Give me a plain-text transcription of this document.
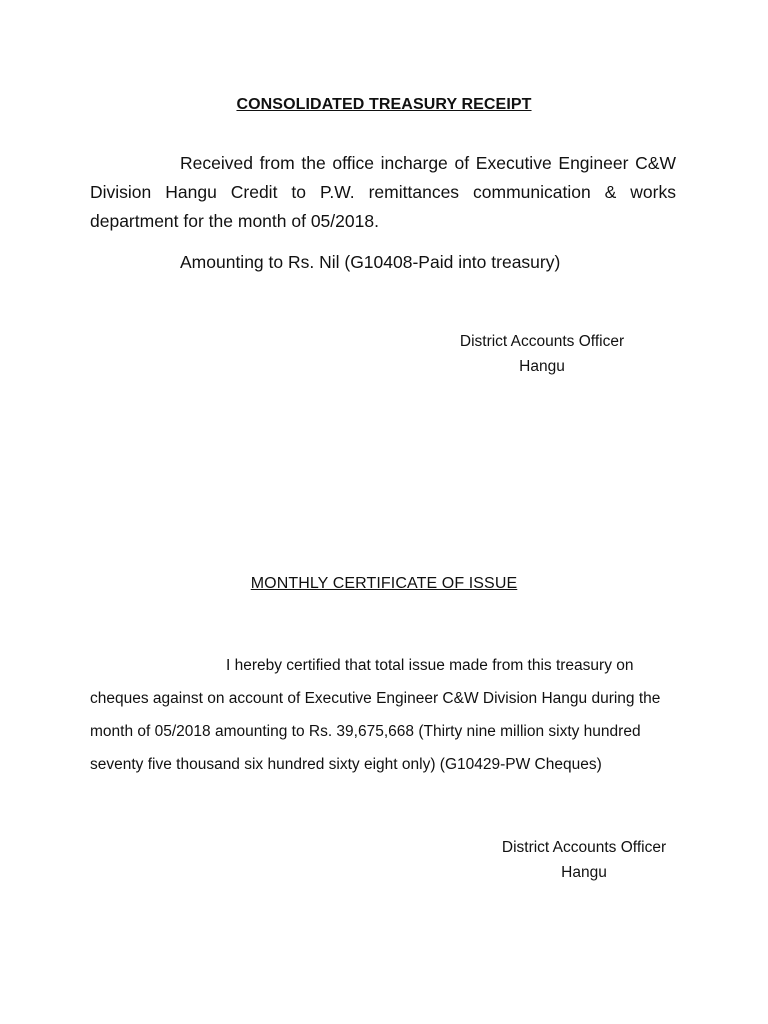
CONSOLIDATED TREASURY RECEIPT
Received from the office incharge of Executive Engineer C&W Division Hangu Credit to P.W. remittances communication & works department for the month of 05/2018.
Amounting to Rs. Nil (G10408-Paid into treasury)
District Accounts Officer
Hangu
MONTHLY CERTIFICATE OF ISSUE
I hereby certified that total issue made from this treasury on cheques against on account of Executive Engineer C&W Division Hangu during the month of 05/2018 amounting to Rs. 39,675,668 (Thirty nine million sixty hundred seventy five thousand six hundred sixty eight only) (G10429-PW Cheques)
District Accounts Officer
Hangu
